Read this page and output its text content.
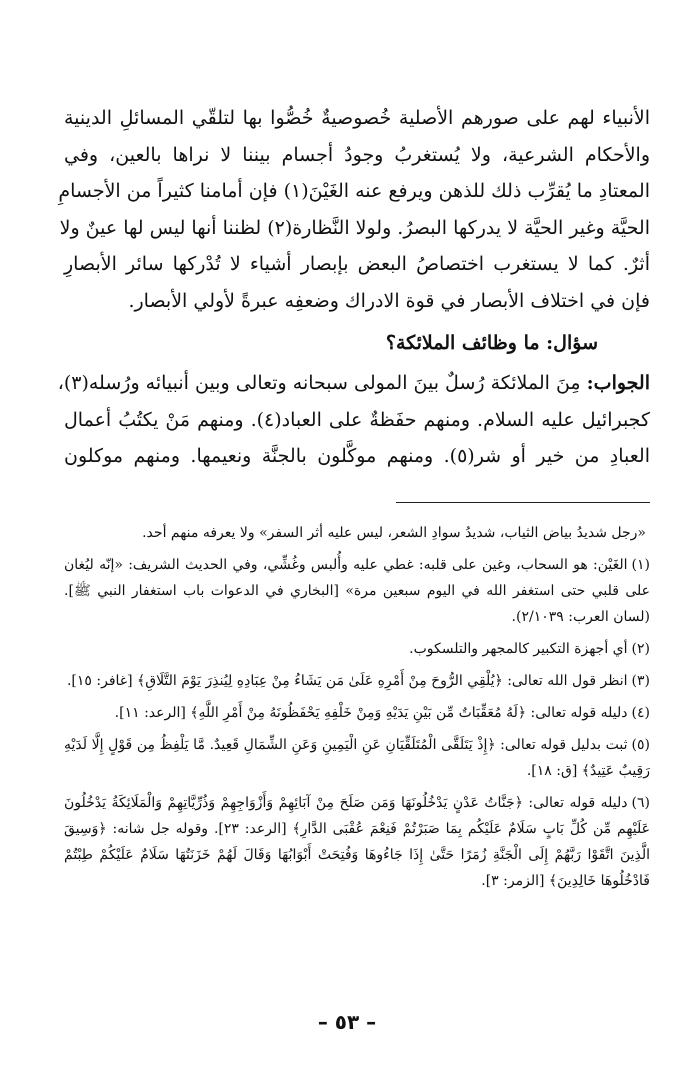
الأنبياء لهم على صورهم الأصلية خُصوصيةٌ خُصُّوا بها لتلقّي المسائلِ الدينية

والأحكام الشرعية، ولا يُستغربُ وجودُ أجسام بيننا لا نراها بالعين، وفي

المعتادِ ما يُقرِّب ذلك للذهن ويرفع عنه الغَيْنَ(١) فإن أمامنا كثيراً من الأجسامِ

الحيَّة وغير الحيَّة لا يدركها البصرُ. ولولا النَّظارة(٢) لظننا أنها ليس لها عينٌ ولا

أثرٌ. كما لا يستغرب اختصاصُ البعض بإبصار أشياء لا تُدْركها سائر الأبصارِ

فإن في اختلاف الأبصار في قوة الادراك وضعفِه عبرةً لأولي الأبصار.

سؤال: ما وظائف الملائكة؟

الجواب: مِنَ الملائكة رُسلٌ بينَ المولى سبحانه وتعالى وبين أنبيائه ورُسله(٣)،

كجبرائيل عليه السلام. ومنهم حفَظةٌ على العباد(٤). ومنهم مَنْ يكتُبُ أعمال

العبادِ من خير أو شر(٥). ومنهم موكَّلون بالجنَّة ونعيمها. ومنهم موكلون

«رجل شديدُ بياض الثياب، شديدُ سوادِ الشعر، ليس عليه أثر السفر» ولا يعرفه منهم أحد.

(١)الغَيْن: هو السحاب، وغين على قلبه: غطي عليه وأُلبس وغُشِّي، وفي الحديث الشريف: «إنّه ليُغان على قلبي حتى استغفر الله في اليوم سبعين مرة» [البخاري في الدعوات باب استغفار النبي ﷺ]. (لسان العرب: ٢/١٠٣٩).

(٢)أي أجهزة التكبير كالمجهر والتلسكوب.

(٣)انظر قول الله تعالى: ﴿يُلْقِي الرُّوحَ مِنْ أَمْرِهِ عَلَىٰ مَن يَشَاءُ مِنْ عِبَادِهِ لِيُنذِرَ يَوْمَ التَّلَاقِ﴾ [غافر: ١٥].

(٤)دليله قوله تعالى: ﴿لَهُ مُعَقِّبَاتٌ مِّن بَيْنِ يَدَيْهِ وَمِنْ خَلْفِهِ يَحْفَظُونَهُ مِنْ أَمْرِ اللَّهِ﴾ [الرعد: ١١].

(٥)ثبت بدليل قوله تعالى: ﴿إِذْ يَتَلَقَّى الْمُتَلَقِّيَانِ عَنِ الْيَمِينِ وَعَنِ الشِّمَالِ قَعِيدٌ. مَّا يَلْفِظُ مِن قَوْلٍ إِلَّا لَدَيْهِ رَقِيبٌ عَتِيدٌ﴾ [ق: ١٨].

(٦)دليله قوله تعالى: ﴿جَنَّاتُ عَدْنٍ يَدْخُلُونَهَا وَمَن صَلَحَ مِنْ آبَائِهِمْ وَأَزْوَاجِهِمْ وَذُرِّيَّاتِهِمْ وَالْمَلَائِكَةُ يَدْخُلُونَ عَلَيْهِم مِّن كُلِّ بَابٍ سَلَامٌ عَلَيْكُم بِمَا صَبَرْتُمْ فَنِعْمَ عُقْبَى الدَّارِ﴾ [الرعد: ٢٣]. وقوله جل شانه: ﴿وَسِيقَ الَّذِينَ اتَّقَوْا رَبَّهُمْ إِلَى الْجَنَّةِ زُمَرًا حَتَّىٰ إِذَا جَاءُوهَا وَفُتِحَتْ أَبْوَابُهَا وَقَالَ لَهُمْ خَزَنَتُهَا سَلَامٌ عَلَيْكُمْ طِبْتُمْ فَادْخُلُوهَا خَالِدِينَ﴾ [الزمر: ٣].

– ٥٣ –
